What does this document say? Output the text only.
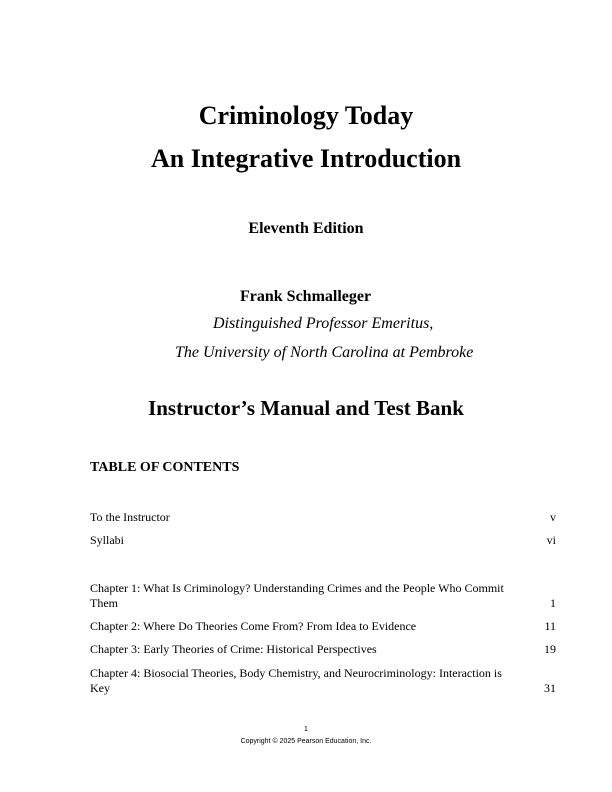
Criminology Today
An Integrative Introduction
Eleventh Edition
Frank Schmalleger
Distinguished Professor Emeritus,
The University of North Carolina at Pembroke
Instructor’s Manual and Test Bank
TABLE OF CONTENTS
To the Instructor	v
Syllabi	vi
Chapter 1: What Is Criminology? Understanding Crimes and the People Who Commit Them	1
Chapter 2: Where Do Theories Come From? From Idea to Evidence	11
Chapter 3: Early Theories of Crime: Historical Perspectives	19
Chapter 4: Biosocial Theories, Body Chemistry, and Neurocriminology: Interaction is Key	31
1
Copyright © 2025 Pearson Education, Inc.
